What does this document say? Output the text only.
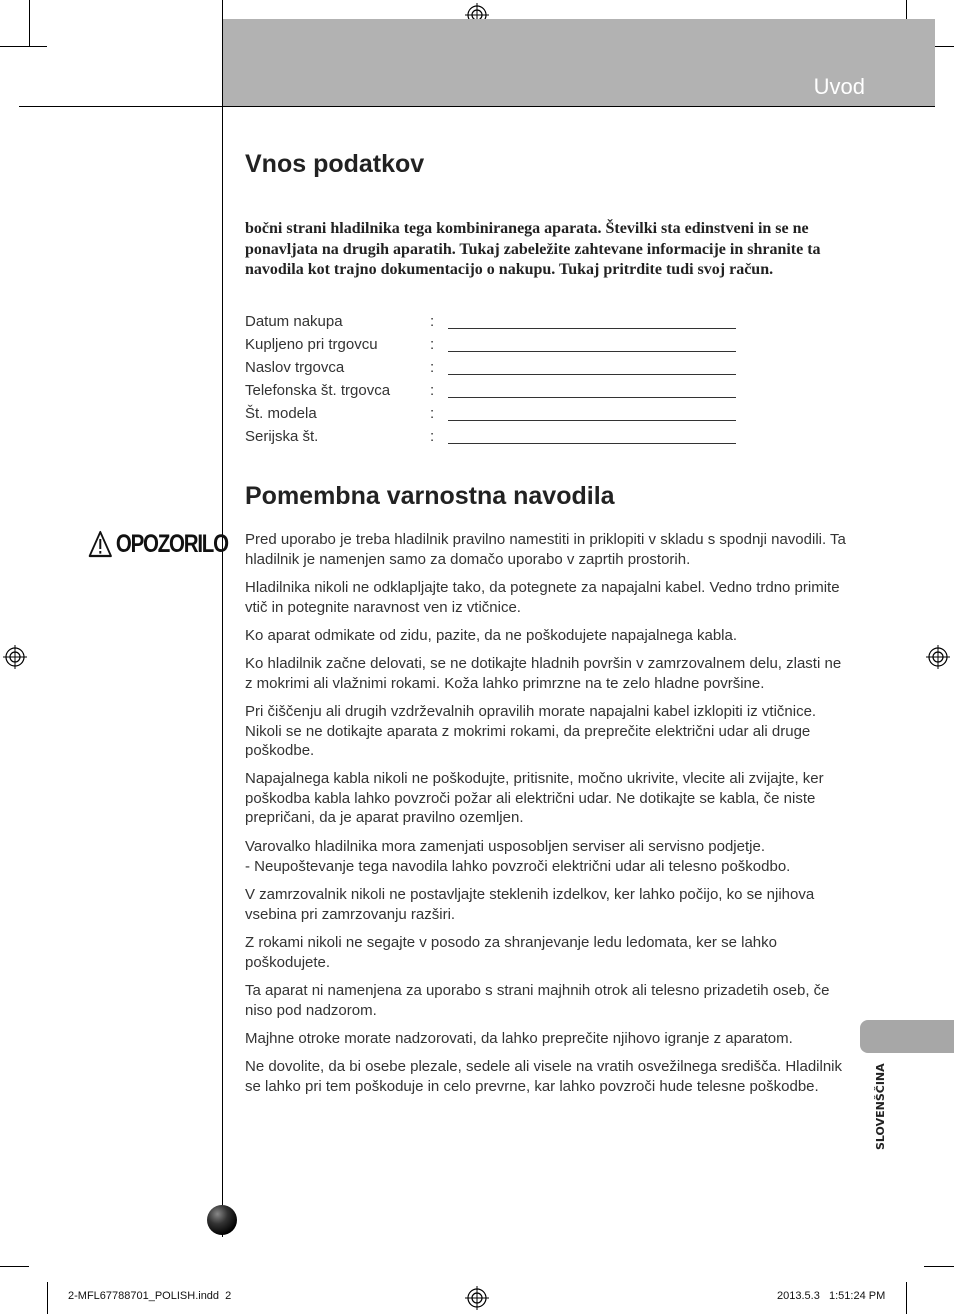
Uvod
Vnos podatkov
bočni strani hladilnika tega kombiniranega aparata. Številki sta edinstveni in se ne ponavljata na drugih aparatih. Tukaj zabeležite zahtevane informacije in shranite ta navodila kot trajno dokumentacijo o nakupu. Tukaj pritrdite tudi svoj račun.
Datum nakupa	:
Kupljeno pri trgovcu	:
Naslov trgovca	:
Telefonska št. trgovca	:
Št. modela	:
Serijska št.	:
Pomembna varnostna navodila
OPOZORILO Pred uporabo je treba hladilnik pravilno namestiti in priklopiti v skladu s spodnji navodili. Ta hladilnik je namenjen samo za domačo uporabo v zaprtih prostorih.

Hladilnika nikoli ne odklapljajte tako, da potegnete za napajalni kabel. Vedno trdno primite vtič in potegnite naravnost ven iz vtičnice.

Ko aparat odmikate od zidu, pazite, da ne poškodujete napajalnega kabla.

Ko hladilnik začne delovati, se ne dotikajte hladnih površin v zamrzovalnem delu, zlasti ne z mokrimi ali vlažnimi rokami. Koža lahko primrzne na te zelo hladne površine.

Pri čiščenju ali drugih vzdrževalnih opravilih morate napajalni kabel izklopiti iz vtičnice. Nikoli se ne dotikajte aparata z mokrimi rokami, da preprečite električni udar ali druge poškodbe.

Napajalnega kabla nikoli ne poškodujte, pritisnite, močno ukrivite, vlecite ali zvijajte, ker poškodba kabla lahko povzroči požar ali električni udar. Ne dotikajte se kabla, če niste prepričani, da je aparat pravilno ozemljen.

Varovalko hladilnika mora zamenjati usposobljen serviser ali servisno podjetje.
- Neupoštevanje tega navodila lahko povzroči električni udar ali telesno poškodbo.

V zamrzovalnik nikoli ne postavljajte steklenih izdelkov, ker lahko počijo, ko se njihova vsebina pri zamrzovanju razširi.

Z rokami nikoli ne segajte v posodo za shranjevanje ledu ledomata, ker se lahko poškodujete.

Ta aparat ni namenjena za uporabo s strani majhnih otrok ali telesno prizadetih oseb, če niso pod nadzorom.

Majhne otroke morate nadzorovati, da lahko preprečite njihovo igranje z aparatom.

Ne dovolite, da bi osebe plezale, sedele ali visele na vratih osvežilnega središča. Hladilnik se lahko pri tem poškoduje in celo prevrne, kar lahko povzroči hude telesne poškodbe.	SLOVENŠČINA
2-MFL67788701_POLISH.indd 2	2013.5.3 1:51:24 PM
